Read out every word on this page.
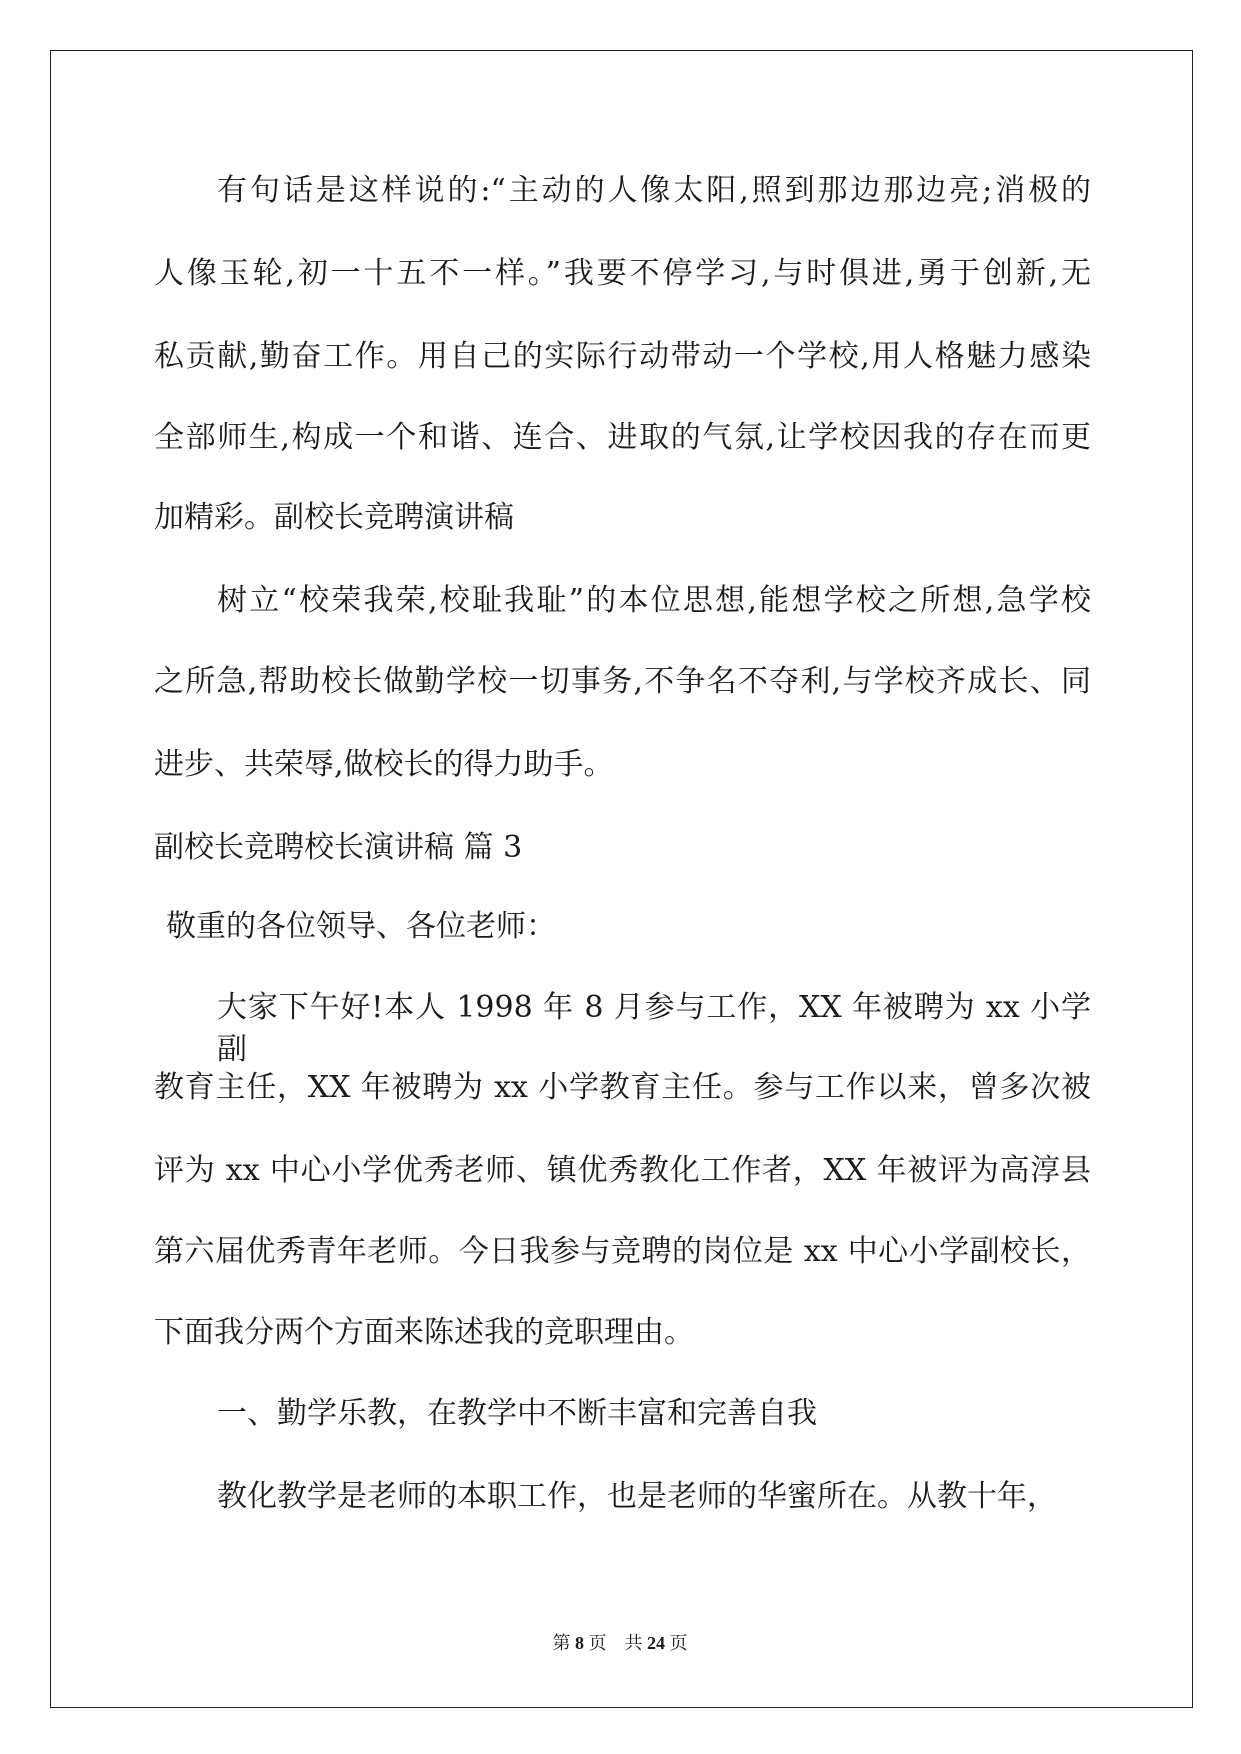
有句话是这样说的:“主动的人像太阳,照到那边那边亮;消极的
人像玉轮,初一十五不一样。”我要不停学习,与时俱进,勇于创新,无
私贡献,勤奋工作。用自己的实际行动带动一个学校,用人格魅力感染
全部师生,构成一个和谐、连合、进取的气氛,让学校因我的存在而更
加精彩。副校长竞聘演讲稿
树立“校荣我荣,校耻我耻”的本位思想,能想学校之所想,急学校
之所急,帮助校长做勤学校一切事务,不争名不夺利,与学校齐成长、同
进步、共荣辱,做校长的得力助手。
副校长竞聘校长演讲稿 篇 3
敬重的各位领导、各位老师：
大家下午好!本人 1998 年 8 月参与工作，XX 年被聘为 xx 小学副
教育主任，XX 年被聘为 xx 小学教育主任。参与工作以来，曾多次被
评为 xx 中心小学优秀老师、镇优秀教化工作者，XX 年被评为高淳县
第六届优秀青年老师。今日我参与竞聘的岗位是 xx 中心小学副校长，
下面我分两个方面来陈述我的竞职理由。
一、勤学乐教，在教学中不断丰富和完善自我
教化教学是老师的本职工作，也是老师的华蜜所在。从教十年，
第 8 页 共 24 页
